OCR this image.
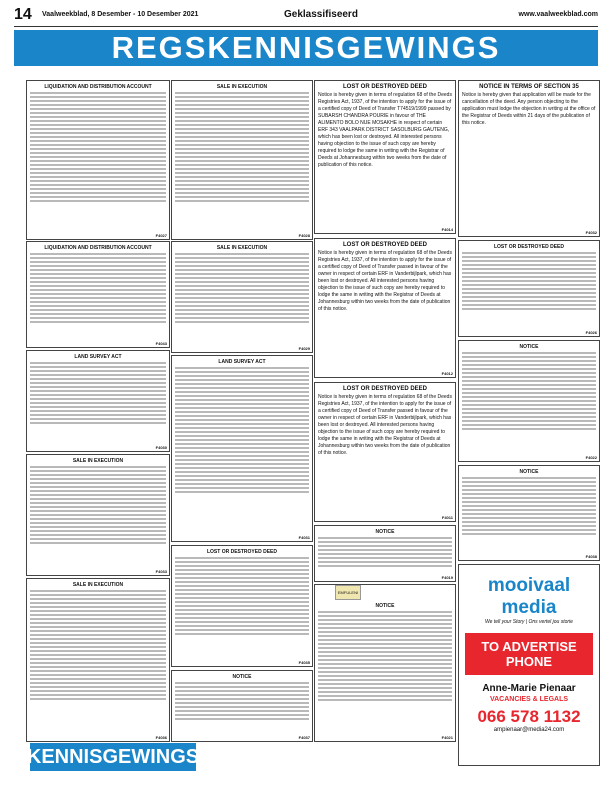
14 Vaalweekblad, 8 Desember - 10 Desember 2021	Geklassifiseerd	www.vaalweekblad.com
REGSKENNISGEWINGS
LIQUIDATION AND DISTRIBUTION ACCOUNT
F4027
LIQUIDATION AND DISTRIBUTION ACCOUNT
F4043
LAND SURVEY ACT
F4030
SALE IN EXECUTION
F4033
SALE IN EXECUTION
F4036
SALE IN EXECUTION
F4028
SALE IN EXECUTION
F4029
LAND SURVEY ACT
F4031
LOST OR DESTROYED DEED
F4035
NOTICE
F4037
LOST OR DESTROYED DEED
Notice is hereby given in terms of regulation 68 of the Deeds Registries Act, 1937, of the intention to apply for the issue of a certified copy of Deed of Transfer T74519/1999 passed by SUBARSH CHANDRA POURIE in favour of THE ALIMENTO BOLO NUE MOSAKHE in respect of certain ERF 343 VAALPARK DISTRICT SASOLBURG GAUTENG, which has been lost or destroyed. All interested persons having objection to the issue of such copy are hereby required to lodge the same in writing with the Registrar of Deeds at Johannesburg within two weeks from the date of publication of this notice.
F4014
LOST OR DESTROYED DEED
Notice is hereby given in terms of regulation 68 of the Deeds Registries Act, 1937, of the intention to apply for the issue of a certified copy of Deed of Transfer passed in favour of the owner in respect of certain ERF in Vanderbijlpark, which has been lost or destroyed. All interested persons having objection to the issue of such copy are hereby required to lodge the same in writing with the Registrar of Deeds at Johannesburg within two weeks from the date of publication of this notice.
F4012
LOST OR DESTROYED DEED
Notice is hereby given in terms of regulation 68 of the Deeds Registries Act, 1937, of the intention to apply for the issue of a certified copy of Deed of Transfer passed in favour of the owner in respect of certain ERF in Vanderbijlpark, which has been lost or destroyed. All interested persons having objection to the issue of such copy are hereby required to lodge the same in writing with the Registrar of Deeds at Johannesburg within two weeks from the date of publication of this notice.
F4011
NOTICE
F4019
NOTICE
F4021
EMFULENI
NOTICE IN TERMS OF SECTION 35
Notice is hereby given that application will be made for the cancellation of the deed. Any person objecting to the application must lodge the objection in writing at the office of the Registrar of Deeds within 21 days of the publication of this notice.
F4032
LOST OR DESTROYED DEED
F4026
NOTICE
F4022
NOTICE
F4038
mooivaal media
We tell your Story | Ons vertel jou storie
TO ADVERTISE
PHONE
Anne-Marie Pienaar
VACANCIES & LEGALS
066 578 1132
ampienaar@media24.com
KENNISGEWINGS
